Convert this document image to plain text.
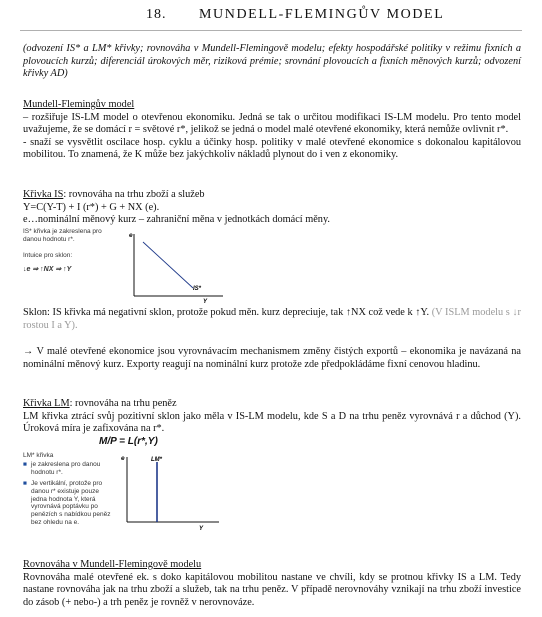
18. MUNDELL-FLEMINGŮV MODEL

(odvození IS* a LM* křivky; rovnováha v Mundell-Flemingově modelu; efekty hospodářské politiky v režimu fixních a plovoucích kurzů; diferenciál úrokových měr, riziková prémie; srovnání plovoucích a fixních měnových kurzů; odvození křivky AD)

Mundell-Flemingův model

– rozšiřuje IS-LM model o otevřenou ekonomiku. Jedná se tak o určitou modifikaci IS-LM modelu. Pro tento model uvažujeme, že se domácí r = světové r*, jelikož se jedná o model malé otevřené ekonomiky, která nemůže ovlivnit r*.

- snaží se vysvětlit oscilace hosp. cyklu a účinky hosp. politiky v malé otevřené ekonomice s dokonalou kapitálovou mobilitou. To znamená, že K může bez jakýchkoliv nákladů plynout do i ven z ekonomiky.

Křivka IS: rovnováha na trhu zboží a služeb

Y=C(Y-T) + I (r*) + G + NX (e).

e…nominální měnový kurz – zahraniční měna v jednotkách domácí měny.

IS* křivka je zakreslena pro danou hodnotu r*.
Intuice pro sklon:
↓e ⇒ ↑NX ⇒ ↑Y
e
Y
IS*

Sklon: IS křivka má negativní sklon, protože pokud měn. kurz depreciuje, tak ↑NX což vede k ↑Y. (V ISLM modelu s ↓r rostou I a Y).

→ V malé otevřené ekonomice jsou vyrovnávacím mechanismem změny čistých exportů – ekonomika je navázaná na nominální měnový kurz. Exporty reagují na nominální kurz protože zde předpokládáme fixní cenovou hladinu.

Křivka LM: rovnováha na trhu peněz

LM křivka ztrácí svůj pozitivní sklon jako měla v IS-LM modelu, kde S a D na trhu peněz vyrovnává r a důchod (Y). Úroková míra je zafixována na r*.

M/P = L(r*,Y)
LM* křivka
■ je zakreslena pro danou hodnotu r*.
■ Je vertikální, protože pro danou r* existuje pouze jedna hodnota Y, která vyrovnává poptávku po penězích s nabídkou peněz bez ohledu na e.
e
Y
LM*

Rovnováha v Mundell-Flemingově modelu

Rovnováha malé otevřené ek. s doko kapitálovou mobilitou nastane ve chvíli, kdy se protnou křivky IS a LM. Tedy nastane rovnováha jak na trhu zboží a služeb, tak na trhu peněz. V případě nerovnováhy vznikají na trhu zboží investice do zásob (+ nebo-) a trh peněz je rovněž v nerovnováze.
